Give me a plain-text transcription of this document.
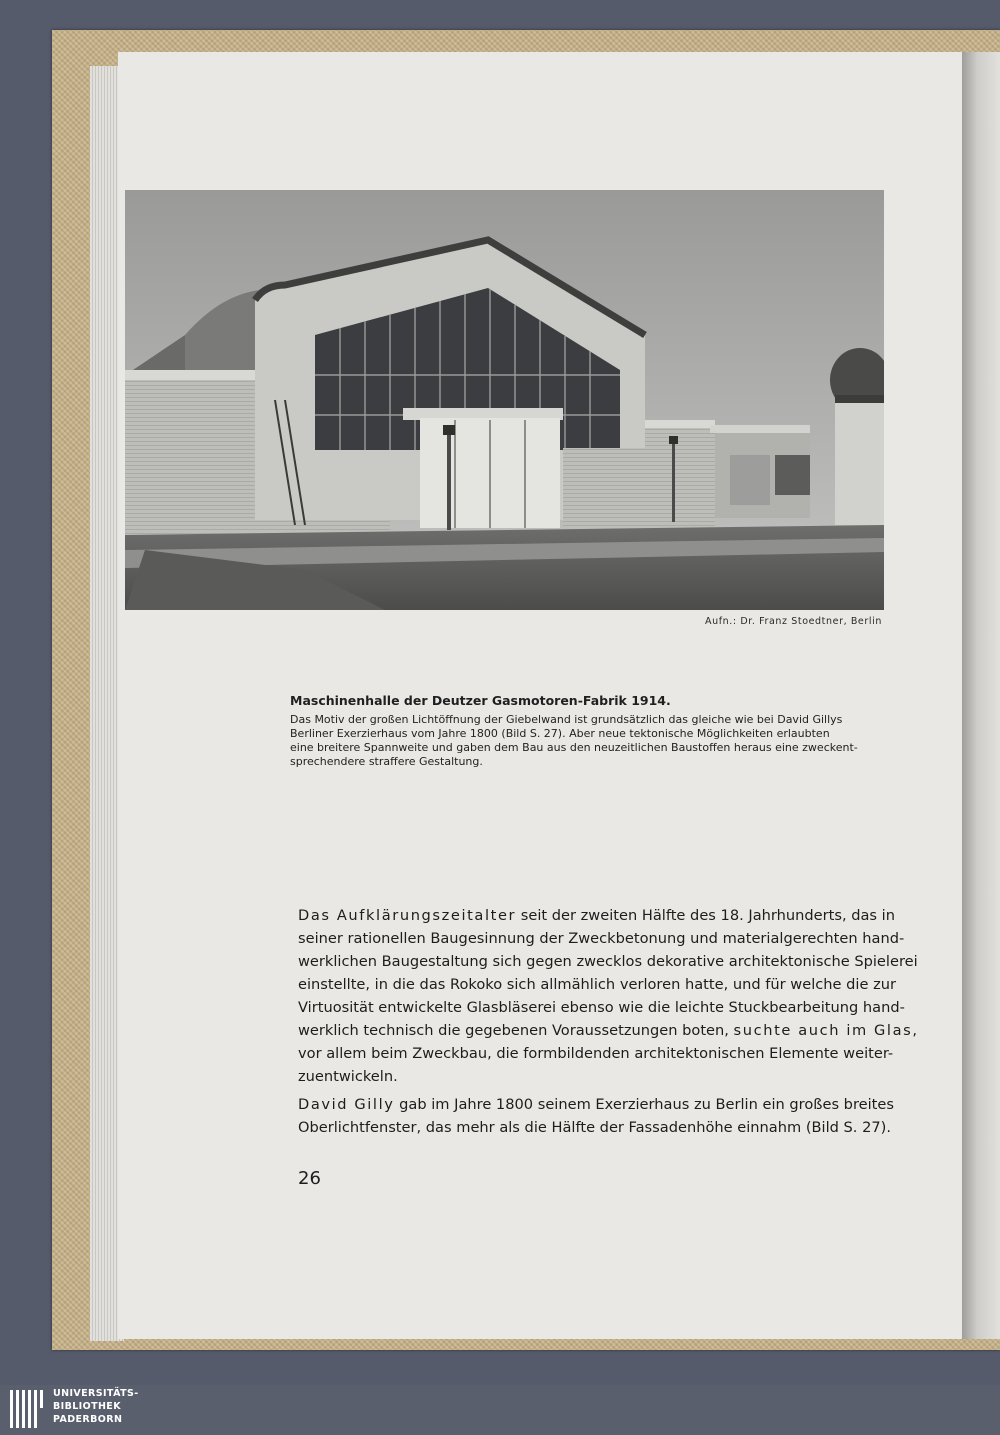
Aufn.: Dr. Franz Stoedtner, Berlin
Maschinenhalle der Deutzer Gasmotoren-Fabrik 1914.
Das Motiv der großen Lichtöffnung der Giebelwand ist grundsätzlich das gleiche wie bei David Gillys
Berliner Exerzierhaus vom Jahre 1800 (Bild S. 27). Aber neue tektonische Möglichkeiten erlaubten
eine breitere Spannweite und gaben dem Bau aus den neuzeitlichen Baustoffen heraus eine zweckent-
sprechendere straffere Gestaltung.
Das Aufklärungszeitalter seit der zweiten Hälfte des 18. Jahrhunderts, das in
seiner rationellen Baugesinnung der Zweckbetonung und materialgerechten hand-
werklichen Baugestaltung sich gegen zwecklos dekorative architektonische Spielerei
einstellte, in die das Rokoko sich allmählich verloren hatte, und für welche die zur
Virtuosität entwickelte Glasbläserei ebenso wie die leichte Stuckbearbeitung hand-
werklich technisch die gegebenen Voraussetzungen boten, suchte auch im Glas,
vor allem beim Zweckbau, die formbildenden architektonischen Elemente weiter-
zuentwickeln.
David Gilly gab im Jahre 1800 seinem Exerzierhaus zu Berlin ein großes breites
Oberlichtfenster, das mehr als die Hälfte der Fassadenhöhe einnahm (Bild S. 27).
26
UNIVERSITÄTS-
BIBLIOTHEK
PADERBORN
